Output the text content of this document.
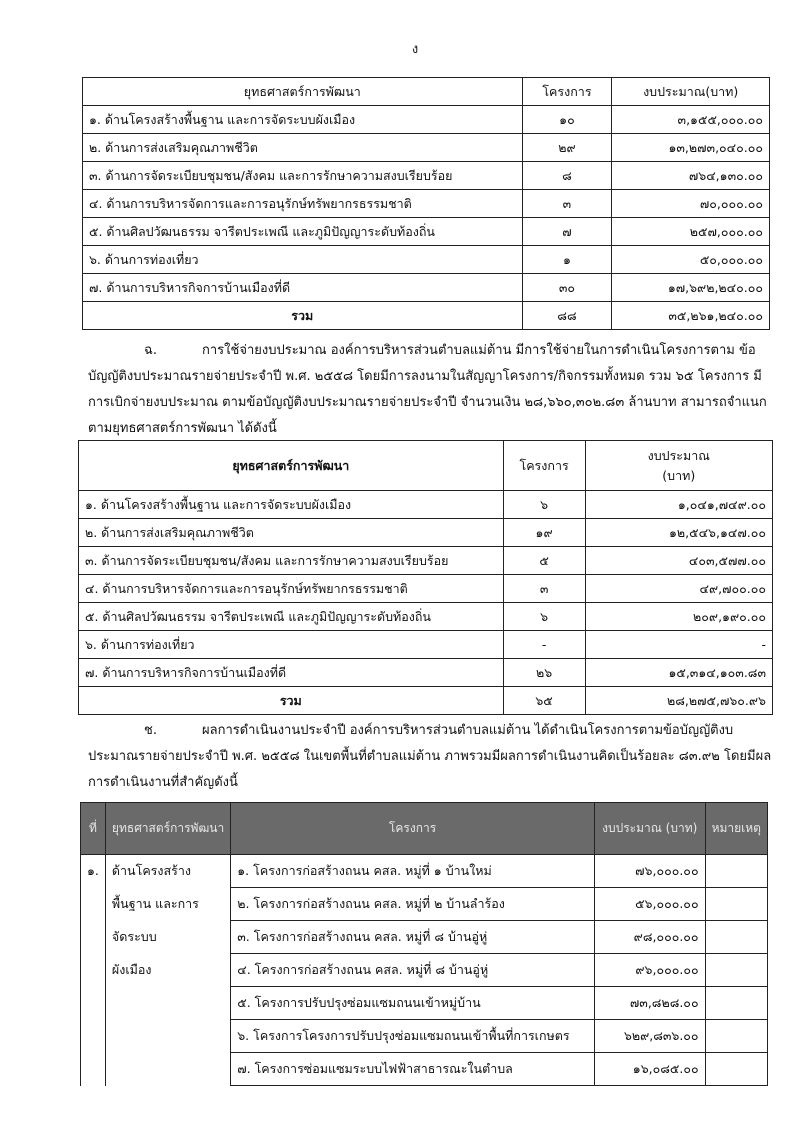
ง
ยุทธศาสตร์การพัฒนา	โครงการ	งบประมาณ(บาท)
๑. ด้านโครงสร้างพื้นฐาน และการจัดระบบผังเมือง	๑๐	๓,๑๕๕,๐๐๐.๐๐
๒. ด้านการส่งเสริมคุณภาพชีวิต	๒๙	๑๓,๒๗๓,๐๔๐.๐๐
๓. ด้านการจัดระเบียบชุมชน/สังคม และการรักษาความสงบเรียบร้อย	๘	๗๖๔,๑๓๐.๐๐
๔. ด้านการบริหารจัดการและการอนุรักษ์ทรัพยากรธรรมชาติ	๓	๗๐,๐๐๐.๐๐
๕. ด้านศิลปวัฒนธรรม จารีตประเพณี และภูมิปัญญาระดับท้องถิ่น	๗	๒๕๗,๐๐๐.๐๐
๖. ด้านการท่องเที่ยว	๑	๕๐,๐๐๐.๐๐
๗. ด้านการบริหารกิจการบ้านเมืองที่ดี	๓๐	๑๗,๖๙๒,๒๔๐.๐๐
รวม	๘๘	๓๕,๒๖๑,๒๔๐.๐๐

ฉ.	การใช้จ่ายงบประมาณ องค์การบริหารส่วนตำบลแม่ต้าน มีการใช้จ่ายในการดำเนินโครงการตาม ข้อบัญญัติงบประมาณรายจ่ายประจำปี พ.ศ. ๒๕๕๘ โดยมีการลงนามในสัญญาโครงการ/กิจกรรมทั้งหมด รวม ๖๕ โครงการ มีการเบิกจ่ายงบประมาณ ตามข้อบัญญัติงบประมาณรายจ่ายประจำปี จำนวนเงิน ๒๘,๖๖๐,๓๐๒.๘๓ ล้านบาท สามารถจำแนกตามยุทธศาสตร์การพัฒนา ได้ดังนี้

ยุทธศาสตร์การพัฒนา	โครงการ	งบประมาณ
(บาท)
๑. ด้านโครงสร้างพื้นฐาน และการจัดระบบผังเมือง	๖	๑,๐๔๑,๗๔๙.๐๐
๒. ด้านการส่งเสริมคุณภาพชีวิต	๑๙	๑๒,๕๔๖,๑๔๗.๐๐
๓. ด้านการจัดระเบียบชุมชน/สังคม และการรักษาความสงบเรียบร้อย	๕	๔๐๓,๕๗๗.๐๐
๔. ด้านการบริหารจัดการและการอนุรักษ์ทรัพยากรธรรมชาติ	๓	๔๙,๗๐๐.๐๐
๕. ด้านศิลปวัฒนธรรม จารีตประเพณี และภูมิปัญญาระดับท้องถิ่น	๖	๒๐๙,๑๙๐.๐๐
๖. ด้านการท่องเที่ยว	-	-
๗. ด้านการบริหารกิจการบ้านเมืองที่ดี	๒๖	๑๕,๓๑๔,๑๐๓.๘๓
รวม	๖๕	๒๘,๒๗๕,๗๖๐.๙๖

ช.	ผลการดำเนินงานประจำปี องค์การบริหารส่วนตำบลแม่ต้าน ได้ดำเนินโครงการตามข้อบัญญัติงบประมาณรายจ่ายประจำปี พ.ศ. ๒๕๕๘ ในเขตพื้นที่ตำบลแม่ต้าน ภาพรวมมีผลการดำเนินงานคิดเป็นร้อยละ ๘๓.๙๒ โดยมีผลการดำเนินงานที่สำคัญดังนี้

ที่	ยุทธศาสตร์การพัฒนา	โครงการ	งบประมาณ (บาท)	หมายเหตุ
๑.	ด้านโครงสร้าง	๑. โครงการก่อสร้างถนน คสล. หมู่ที่ ๑ บ้านใหม่	๗๖,๐๐๐.๐๐	
	พื้นฐาน และการ	๒. โครงการก่อสร้างถนน คสล. หมู่ที่ ๒ บ้านลำร้อง	๕๖,๐๐๐.๐๐	
	จัดระบบ	๓. โครงการก่อสร้างถนน คสล. หมู่ที่ ๘ บ้านอู่หู่	๙๘,๐๐๐.๐๐	
	ผังเมือง	๔. โครงการก่อสร้างถนน คสล. หมู่ที่ ๘ บ้านอู่หู่	๙๖,๐๐๐.๐๐	
		๕. โครงการปรับปรุงซ่อมแซมถนนเข้าหมู่บ้าน	๗๓,๘๒๘.๐๐	
		๖. โครงการโครงการปรับปรุงซ่อมแซมถนนเข้าพื้นที่การเกษตร	๖๒๙,๘๓๖.๐๐	
		๗. โครงการซ่อมแซมระบบไฟฟ้าสาธารณะในตำบล	๑๖,๐๘๕.๐๐	
